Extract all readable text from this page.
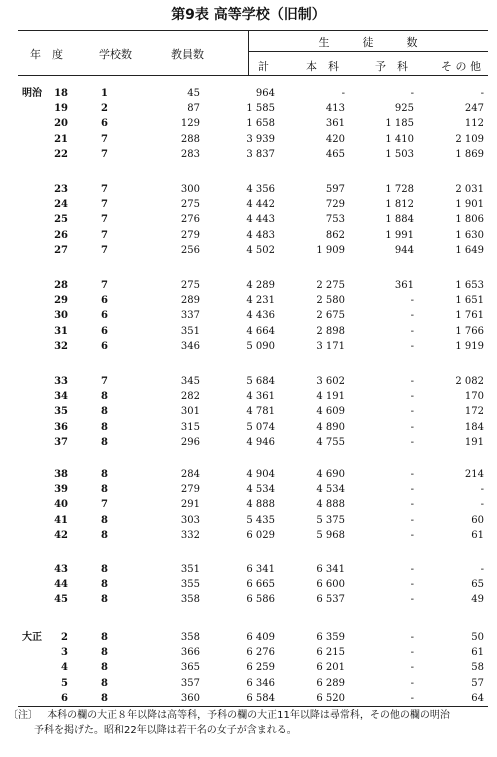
第9表 高等学校（旧制）
年　度	学校数	教員数
生　　　徒　　　数
計	本　科	予　科	そ の 他
明治	18	1	45	964	-	-	-
19	2	87	1 585	413	925	247
20	6	129	1 658	361	1 185	112
21	7	288	3 939	420	1 410	2 109
22	7	283	3 837	465	1 503	1 869
23	7	300	4 356	597	1 728	2 031
24	7	275	4 442	729	1 812	1 901
25	7	276	4 443	753	1 884	1 806
26	7	279	4 483	862	1 991	1 630
27	7	256	4 502	1 909	944	1 649
28	7	275	4 289	2 275	361	1 653
29	6	289	4 231	2 580	-	1 651
30	6	337	4 436	2 675	-	1 761
31	6	351	4 664	2 898	-	1 766
32	6	346	5 090	3 171	-	1 919
33	7	345	5 684	3 602	-	2 082
34	8	282	4 361	4 191	-	170
35	8	301	4 781	4 609	-	172
36	8	315	5 074	4 890	-	184
37	8	296	4 946	4 755	-	191
38	8	284	4 904	4 690	-	214
39	8	279	4 534	4 534	-	-
40	7	291	4 888	4 888	-	-
41	8	303	5 435	5 375	-	60
42	8	332	6 029	5 968	-	61
43	8	351	6 341	6 341	-	-
44	8	355	6 665	6 600	-	65
45	8	358	6 586	6 537	-	49
大正	2	8	358	6 409	6 359	-	50
3	8	366	6 276	6 215	-	61
4	8	365	6 259	6 201	-	58
5	8	357	6 346	6 289	-	57
6	8	360	6 584	6 520	-	64
〔注〕 本科の欄の大正８年以降は高等科，予科の欄の大正11年以降は尋常科，その他の欄の明治
予科を掲げた。昭和22年以降は若干名の女子が含まれる。
